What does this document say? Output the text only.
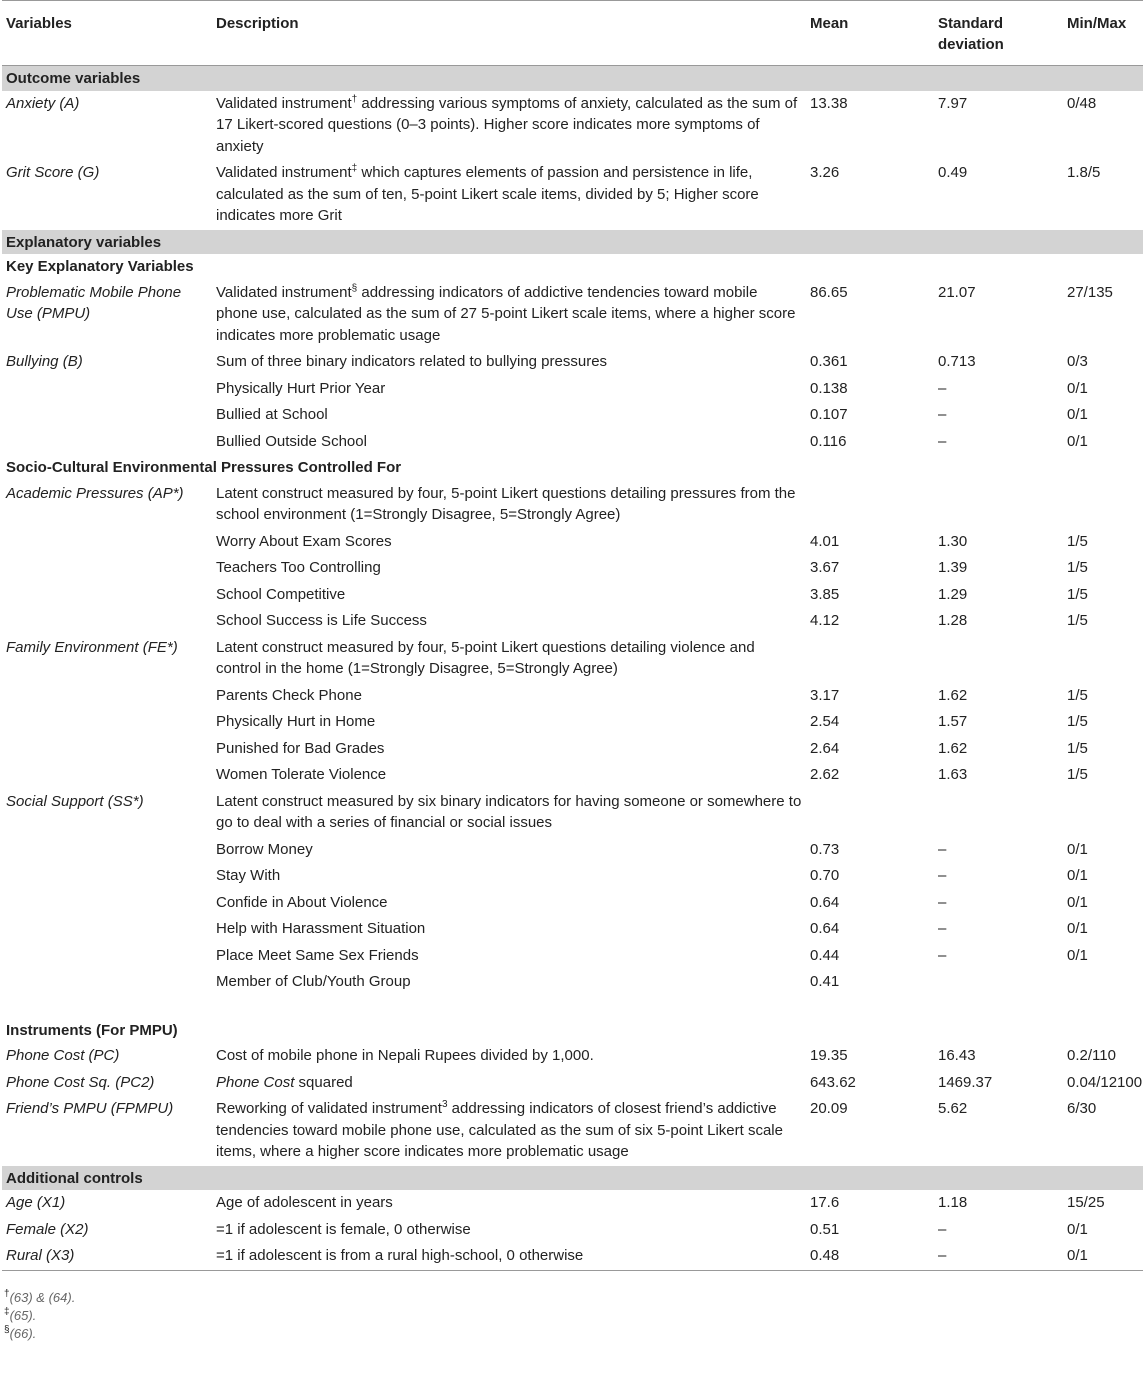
Variables	Description	Mean	Standard deviation	Min/Max
Outcome variables				
Anxiety (A)	Validated instrument† addressing various symptoms of anxiety, calculated as the sum of 17 Likert-scored questions (0–3 points). Higher score indicates more symptoms of anxiety	13.38	7.97	0/48
Grit Score (G)	Validated instrument‡ which captures elements of passion and persistence in life, calculated as the sum of ten, 5-point Likert scale items, divided by 5; Higher score indicates more Grit	3.26	0.49	1.8/5
Explanatory variables				
Key Explanatory Variables				
Problematic Mobile Phone Use (PMPU)	Validated instrument§ addressing indicators of addictive tendencies toward mobile phone use, calculated as the sum of 27 5-point Likert scale items, where a higher score indicates more problematic usage	86.65	21.07	27/135
Bullying (B)	Sum of three binary indicators related to bullying pressures	0.361	0.713	0/3
	Physically Hurt Prior Year	0.138	–	0/1
	Bullied at School	0.107	–	0/1
	Bullied Outside School	0.116	–	0/1
Socio-Cultural Environmental Pressures Controlled For				
Academic Pressures (AP*)	Latent construct measured by four, 5-point Likert questions detailing pressures from the school environment (1=Strongly Disagree, 5=Strongly Agree)			
	Worry About Exam Scores	4.01	1.30	1/5
	Teachers Too Controlling	3.67	1.39	1/5
	School Competitive	3.85	1.29	1/5
	School Success is Life Success	4.12	1.28	1/5
Family Environment (FE*)	Latent construct measured by four, 5-point Likert questions detailing violence and control in the home (1=Strongly Disagree, 5=Strongly Agree)			
	Parents Check Phone	3.17	1.62	1/5
	Physically Hurt in Home	2.54	1.57	1/5
	Punished for Bad Grades	2.64	1.62	1/5
	Women Tolerate Violence	2.62	1.63	1/5
Social Support (SS*)	Latent construct measured by six binary indicators for having someone or somewhere to go to deal with a series of financial or social issues			
	Borrow Money	0.73	–	0/1
	Stay With	0.70	–	0/1
	Confide in About Violence	0.64	–	0/1
	Help with Harassment Situation	0.64	–	0/1
	Place Meet Same Sex Friends	0.44	–	0/1
	Member of Club/Youth Group	0.41		

Instruments (For PMPU)				
Phone Cost (PC)	Cost of mobile phone in Nepali Rupees divided by 1,000.	19.35	16.43	0.2/110
Phone Cost Sq. (PC2)	Phone Cost squared	643.62	1469.37	0.04/12100
Friend’s PMPU (FPMPU)	Reworking of validated instrument$^3$ addressing indicators of closest friend’s addictive tendencies toward mobile phone use, calculated as the sum of six 5-point Likert scale items, where a higher score indicates more problematic usage	20.09	5.62	6/30
Additional controls				
Age (X1)	Age of adolescent in years	17.6	1.18	15/25
Female (X2)	=1 if adolescent is female, 0 otherwise	0.51	–	0/1
Rural (X3)	=1 if adolescent is from a rural high-school, 0 otherwise	0.48	–	0/1

†(63) & (64).
‡(65).
§(66).
